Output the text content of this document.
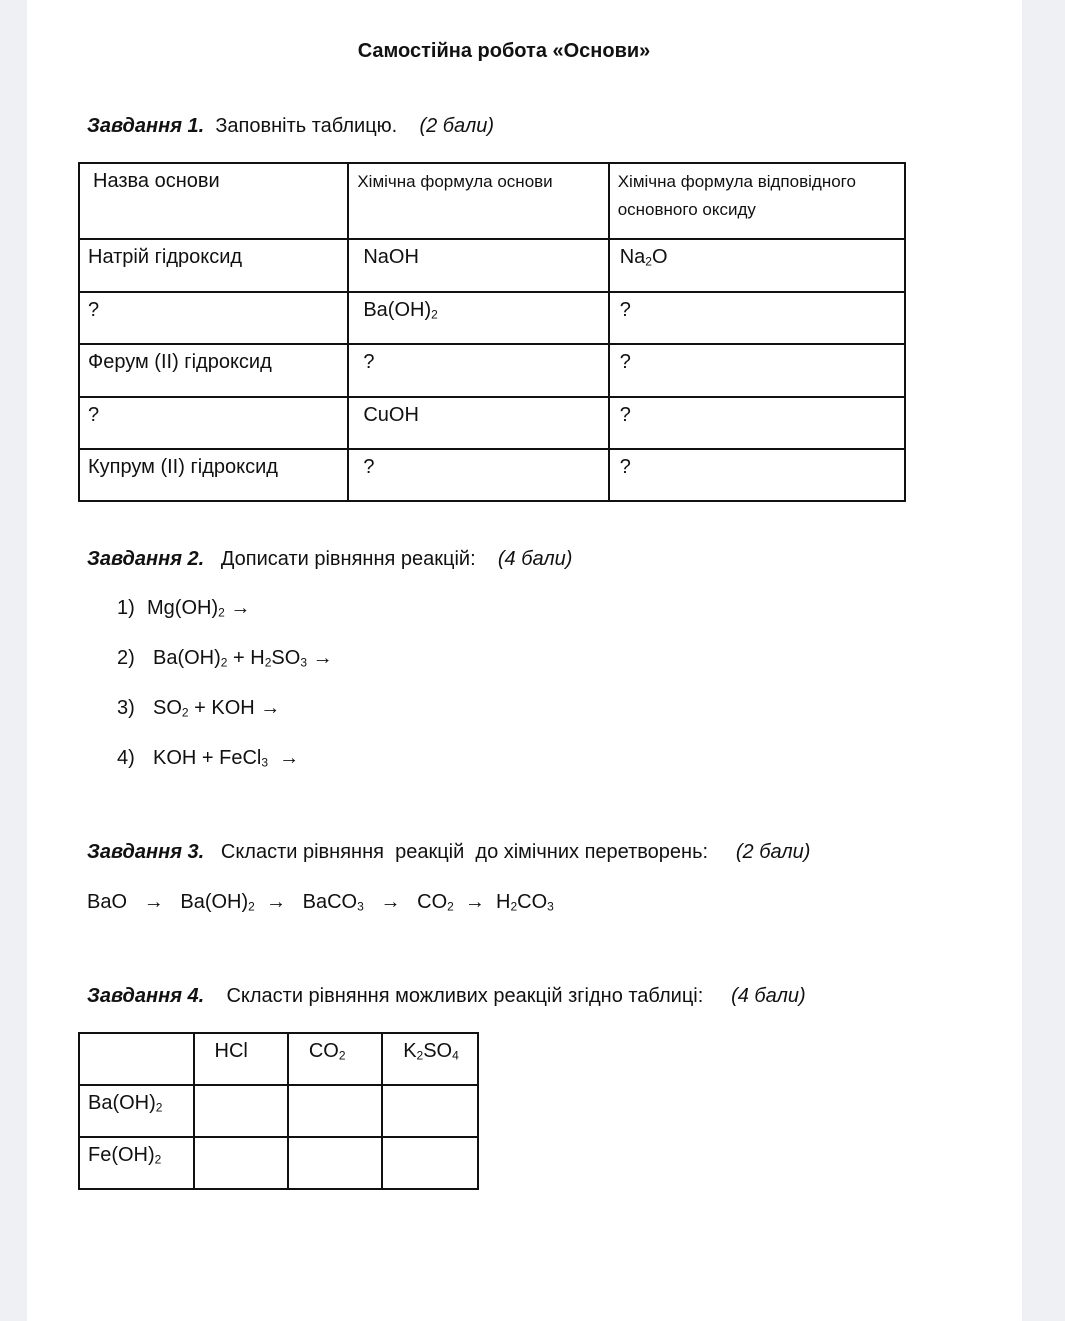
Самостійна робота «Основи»
Завдання 1. Заповніть таблицю. (2 бали)
Назва основи	Хімічна формула основи	Хімічна формула відповідного основного оксиду
Натрій гідроксид	NaOH	$Na_2O$
?	$Ba(OH)_2$	?
Ферум (II) гідроксид	?	?
?	CuOH	?
Купрум (II) гідроксид	?	?
Завдання 2. Дописати рівняння реакцій: (4 бали)
1) $Mg(OH)_2$ →
2) $Ba(OH)_2 + H_2SO_3$ →
3) $SO_2$ + KOH →
4) KOH + FeCl$_3$  →
Завдання 3. Скласти рівняння  реакцій  до хімічних перетворень: (2 бали)
BaO   →   $Ba(OH)_2$  →   BaCO$_3$   →   $CO_2 \to H_2CO_3$
Завдання 4. Скласти рівняння можливих реакцій згідно таблиці: (4 бали)
	HCl	$CO_2$	$K_2SO_4$
$Ba(OH)_2$			
$Fe(OH)_2$			
